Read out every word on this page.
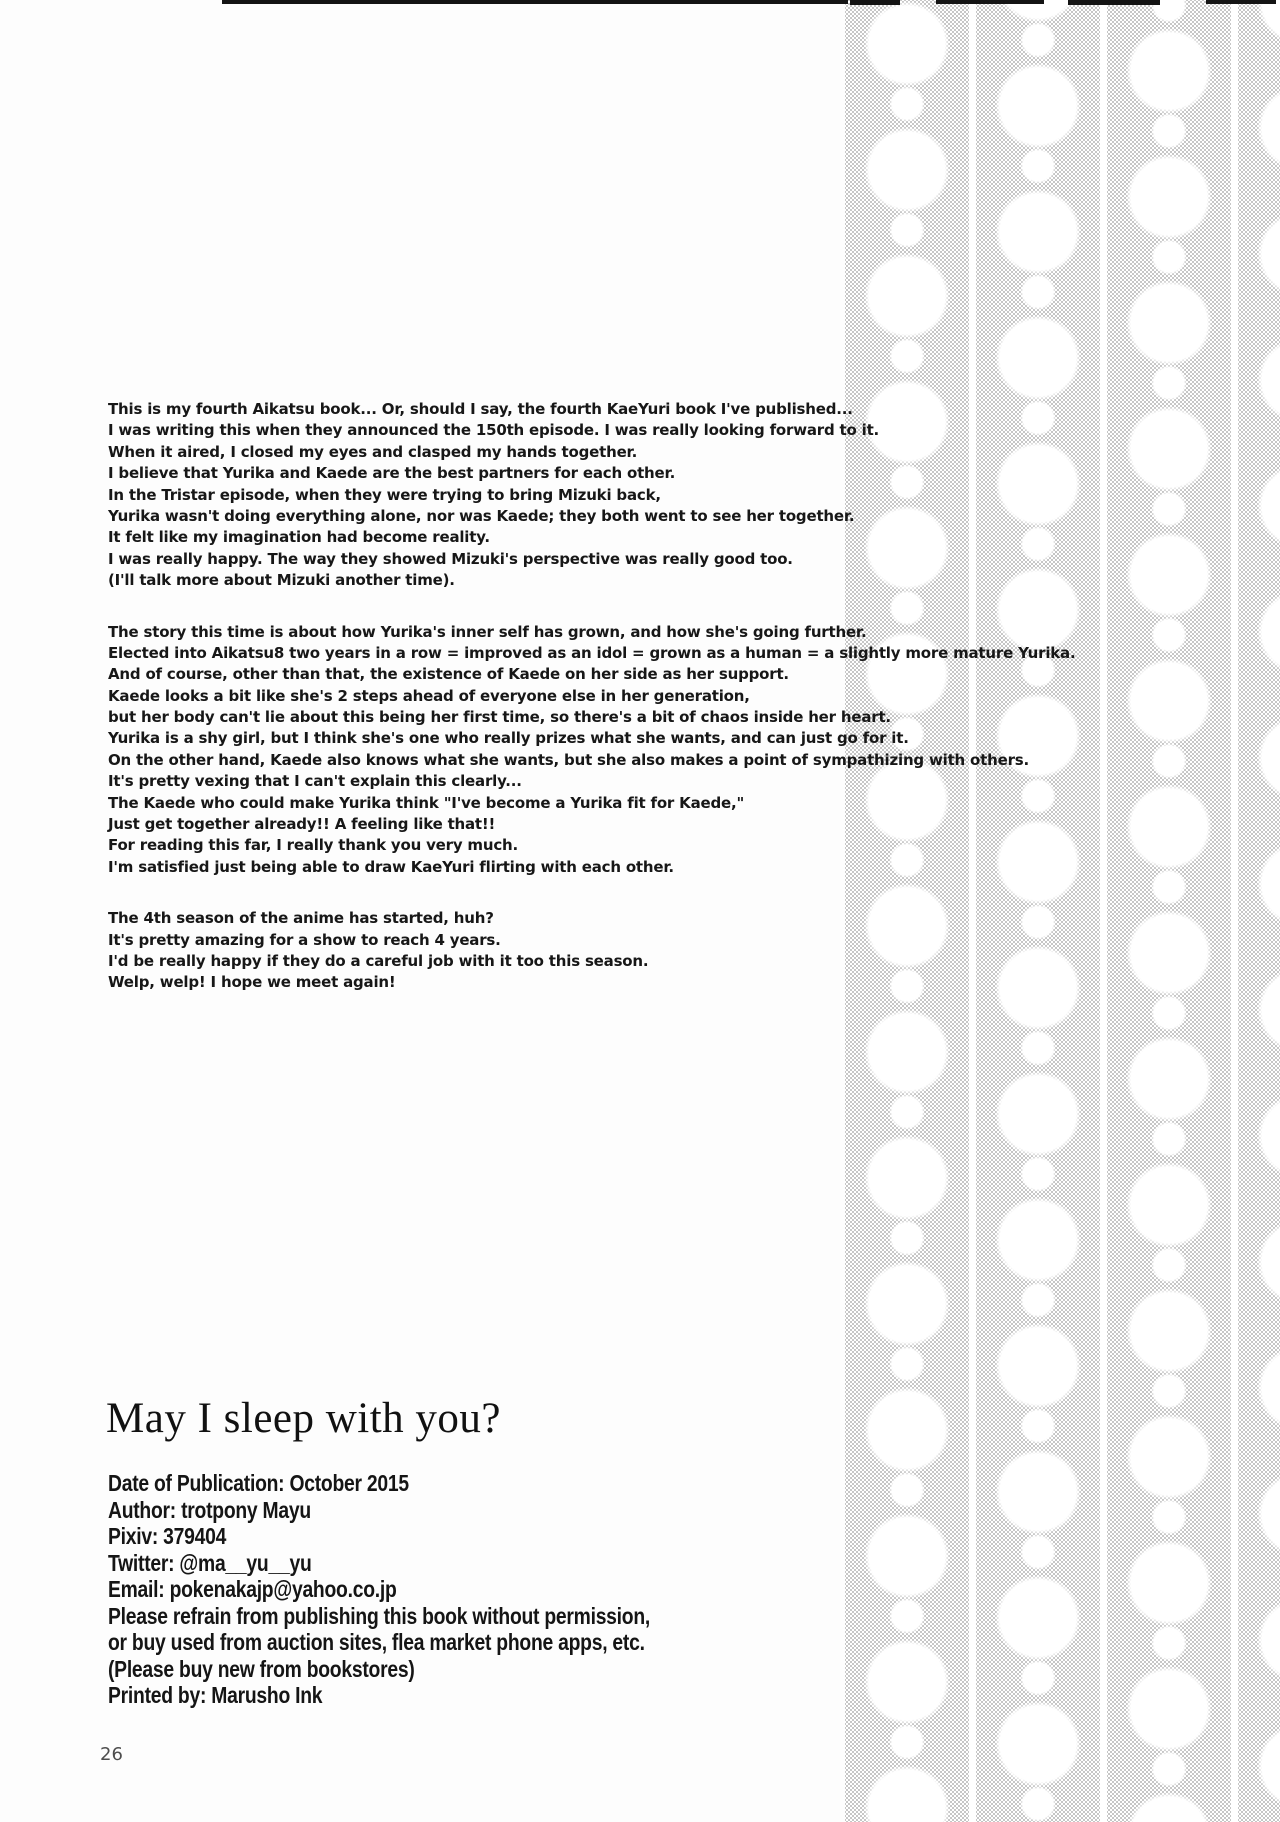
This is my fourth Aikatsu book... Or, should I say, the fourth KaeYuri book I've published...
I was writing this when they announced the 150th episode. I was really looking forward to it.
When it aired, I closed my eyes and clasped my hands together.
I believe that Yurika and Kaede are the best partners for each other.
In the Tristar episode, when they were trying to bring Mizuki back,
Yurika wasn't doing everything alone, nor was Kaede; they both went to see her together.
It felt like my imagination had become reality.
I was really happy. The way they showed Mizuki's perspective was really good too.
(I'll talk more about Mizuki another time).
The story this time is about how Yurika's inner self has grown, and how she's going further.
Elected into Aikatsu8 two years in a row = improved as an idol = grown as a human = a slightly more mature Yurika.
And of course, other than that, the existence of Kaede on her side as her support.
Kaede looks a bit like she's 2 steps ahead of everyone else in her generation,
but her body can't lie about this being her first time, so there's a bit of chaos inside her heart.
Yurika is a shy girl, but I think she's one who really prizes what she wants, and can just go for it.
On the other hand, Kaede also knows what she wants, but she also makes a point of sympathizing with others.
It's pretty vexing that I can't explain this clearly...
The Kaede who could make Yurika think "I've become a Yurika fit for Kaede,"
Just get together already!! A feeling like that!!
For reading this far, I really thank you very much.
I'm satisfied just being able to draw KaeYuri flirting with each other.
The 4th season of the anime has started, huh?
It's pretty amazing for a show to reach 4 years.
I'd be really happy if they do a careful job with it too this season.
Welp, welp! I hope we meet again!
May I sleep with you?
Date of Publication: October 2015
Author: trotpony Mayu
Pixiv: 379404
Twitter: @ma__yu__yu
Email: pokenakajp@yahoo.co.jp
Please refrain from publishing this book without permission,
or buy used from auction sites, flea market phone apps, etc.
(Please buy new from bookstores)
Printed by: Marusho Ink
26
